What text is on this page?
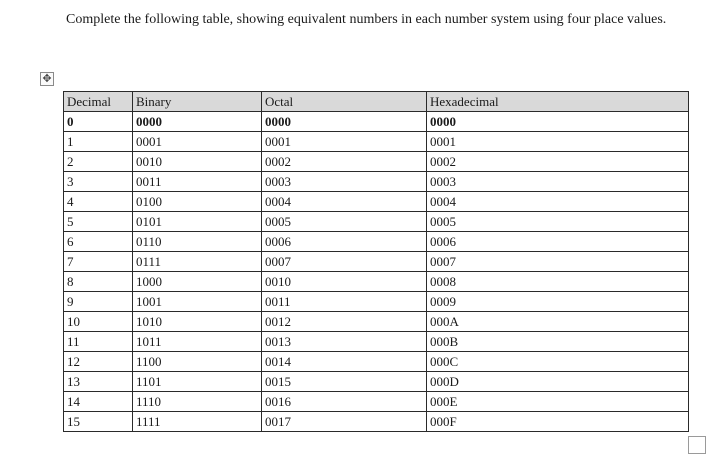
Complete the following table, showing equivalent numbers in each number system using four place values.
✥
Decimal	Binary	Octal	Hexadecimal
0	0000	0000	0000
1	0001	0001	0001
2	0010	0002	0002
3	0011	0003	0003
4	0100	0004	0004
5	0101	0005	0005
6	0110	0006	0006
7	0111	0007	0007
8	1000	0010	0008
9	1001	0011	0009
10	1010	0012	000A
11	1011	0013	000B
12	1100	0014	000C
13	1101	0015	000D
14	1110	0016	000E
15	1111	0017	000F
